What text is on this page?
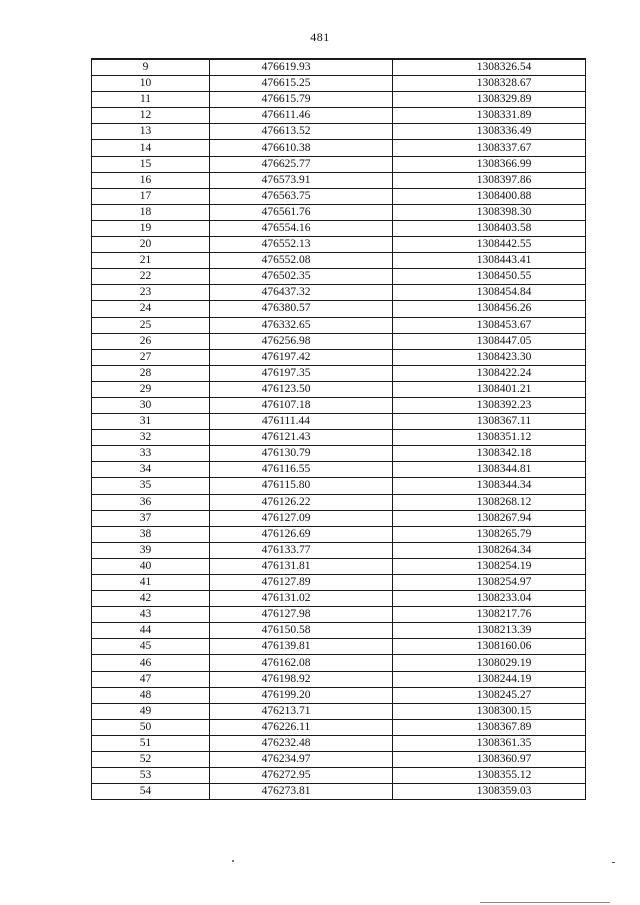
481
9	476619.93	1308326.54
10	476615.25	1308328.67
11	476615.79	1308329.89
12	476611.46	1308331.89
13	476613.52	1308336.49
14	476610.38	1308337.67
15	476625.77	1308366.99
16	476573.91	1308397.86
17	476563.75	1308400.88
18	476561.76	1308398.30
19	476554.16	1308403.58
20	476552.13	1308442.55
21	476552.08	1308443.41
22	476502.35	1308450.55
23	476437.32	1308454.84
24	476380.57	1308456.26
25	476332.65	1308453.67
26	476256.98	1308447.05
27	476197.42	1308423.30
28	476197.35	1308422.24
29	476123.50	1308401.21
30	476107.18	1308392.23
31	476111.44	1308367.11
32	476121.43	1308351.12
33	476130.79	1308342.18
34	476116.55	1308344.81
35	476115.80	1308344.34
36	476126.22	1308268.12
37	476127.09	1308267.94
38	476126.69	1308265.79
39	476133.77	1308264.34
40	476131.81	1308254.19
41	476127.89	1308254.97
42	476131.02	1308233.04
43	476127.98	1308217.76
44	476150.58	1308213.39
45	476139.81	1308160.06
46	476162.08	1308029.19
47	476198.92	1308244.19
48	476199.20	1308245.27
49	476213.71	1308300.15
50	476226.11	1308367.89
51	476232.48	1308361.35
52	476234.97	1308360.97
53	476272.95	1308355.12
54	476273.81	1308359.03
